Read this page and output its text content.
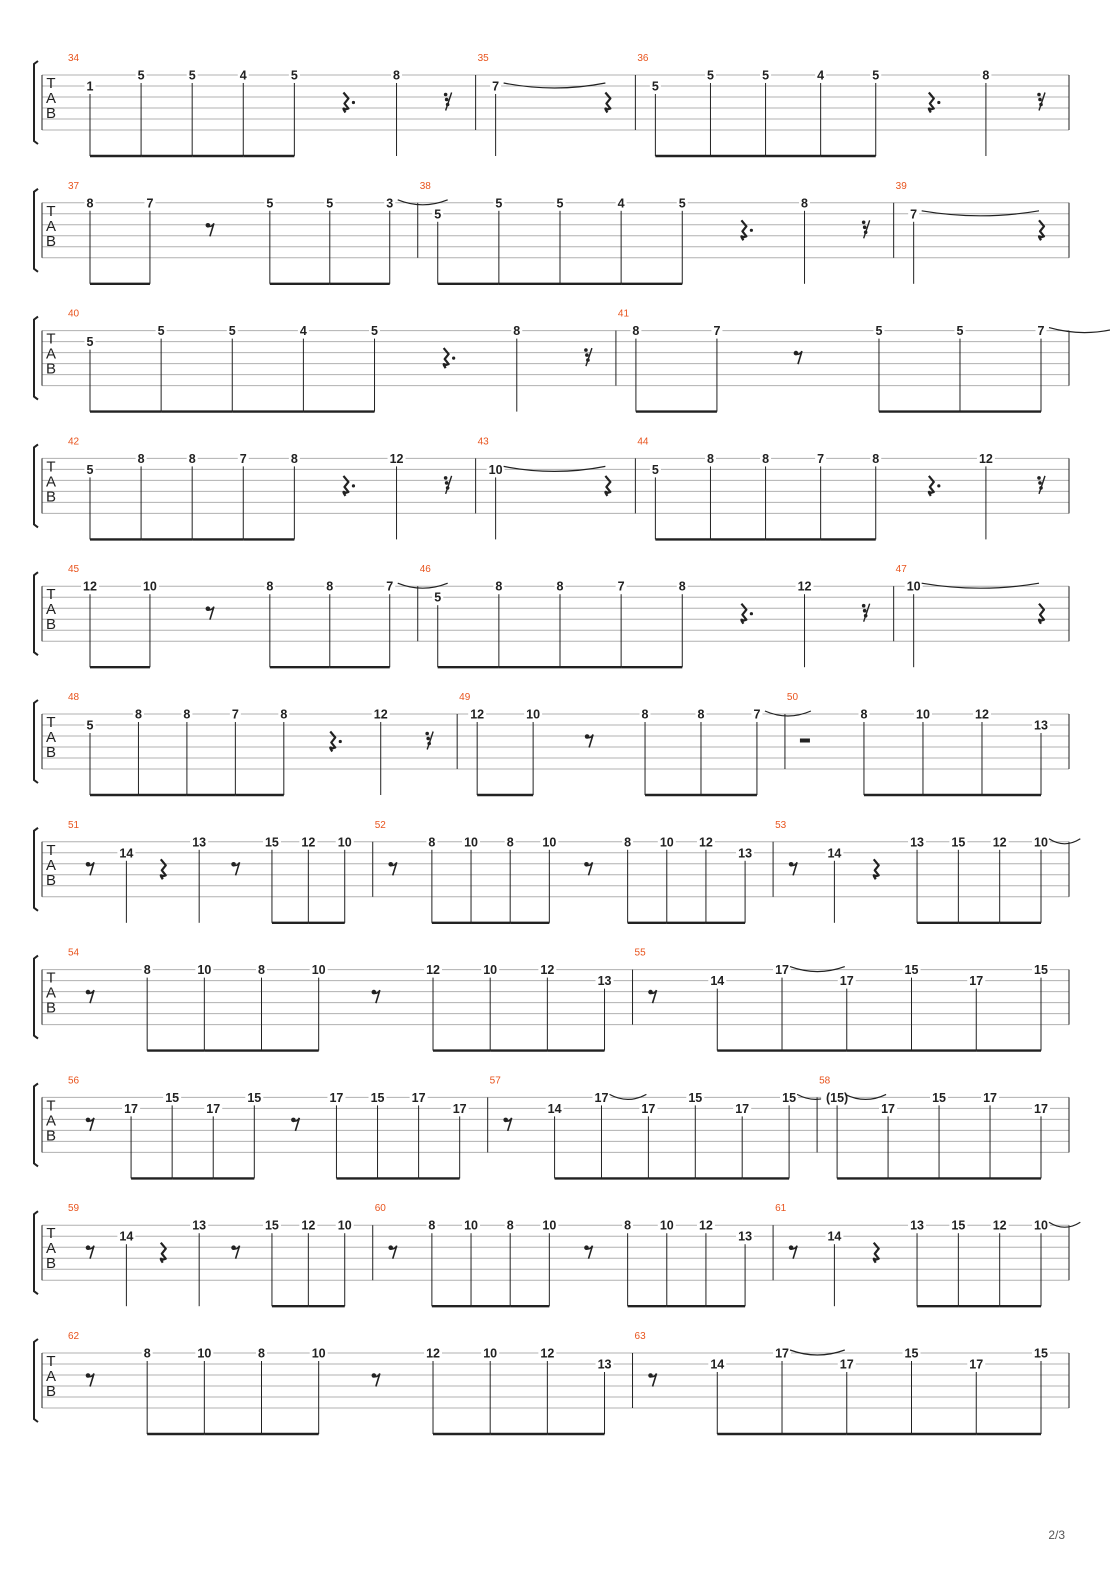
T
A
B
34
1
5	5	4	5	8
35
7
36
5
5	5	4	5	8
T
A
B
37
8	7	5	5	3
38
5
5	5	4	5	8
39
7
T
A
B
40
5
5	5	4	5	8
41
8	7	5	5	7
T
A
B
42
5
8	8	7	8	12
43
10
44
5
8	8	7	8	12
T
A
B
45
12	10	8	8	7
46
5
8	8	7	8	12
47
10
T
A
B
48
5
8	8	7	8	12
49
12	10	8	8	7
50
8	10	12
13
T
A
B
51
14
13	15 12 10
52
8 10 8 10	8 10 12
13
53
14
13 15 12 10
T
A
B
54
8	10	8	10	12	10	12
13
55
14
17
17
15
17
15
T
A
B
56
17
15
17
15	17 15 17
17
57
14
17
17
15
17
15
58
(15)
17
15	17
17
T
A
B
59
14
13	15 12 10
60
8 10 8 10	8 10 12
13
61
14
13 15 12 10
T
A
B
62
8	10	8	10	12	10	12
13
63
14
17
17
15
17
15
2/3
